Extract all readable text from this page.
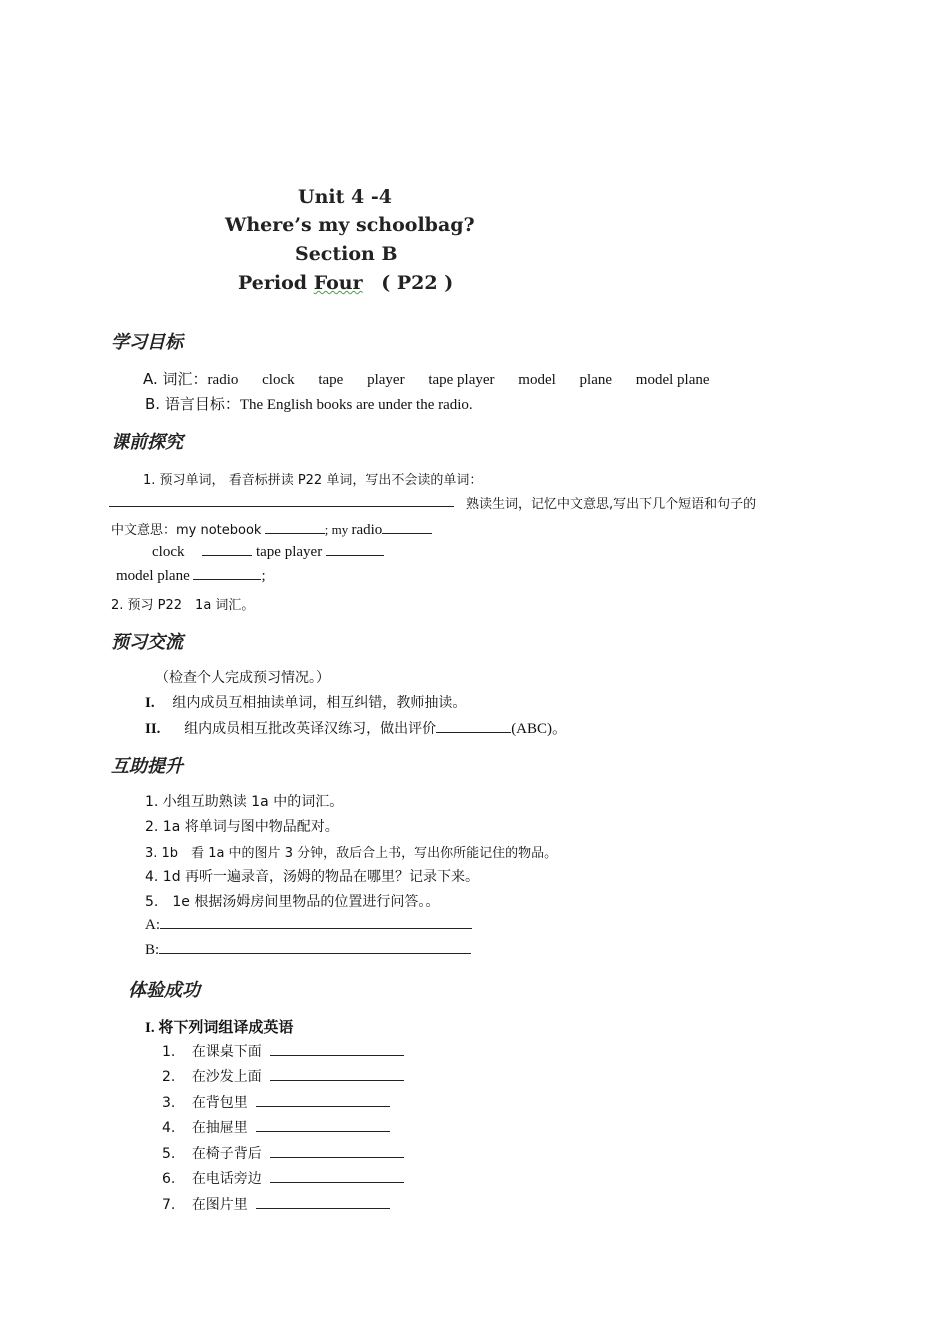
Unit 4 -4
Where’s my schoolbag?
Section B
Period Four ( P22 )
学习目标
A. 词汇：radio clock tape player tape player model plane model plane
B. 语言目标：The English books are under the radio.
课前探究
1. 预习单词， 看音标拼读 P22 单词，写出不会读的单词：
熟读生词，记忆中文意思,写出下几个短语和句子的
中文意思：my notebook	; my radio
clock	tape player
model plane	;
2. 预习 P22　1a 词汇。
预习交流
（检查个人完成预习情况。）
I. 组内成员互相抽读单词，相互纠错，教师抽读。
II. 组内成员相互批改英译汉练习，做出评价	(ABC)。
互助提升
1. 小组互助熟读 1a 中的词汇。
2. 1a 将单词与图中物品配对。
3. 1b　看 1a 中的图片 3 分钟，敌后合上书，写出你所能记住的物品。
4. 1d 再听一遍录音，汤姆的物品在哪里？记录下来。
5.　1e 根据汤姆房间里物品的位置进行问答。。
A:
B:
体验成功
I. 将下列词组译成英语
1. 在课桌下面
2. 在沙发上面
3. 在背包里
4. 在抽屉里
5. 在椅子背后
6. 在电话旁边
7. 在图片里
